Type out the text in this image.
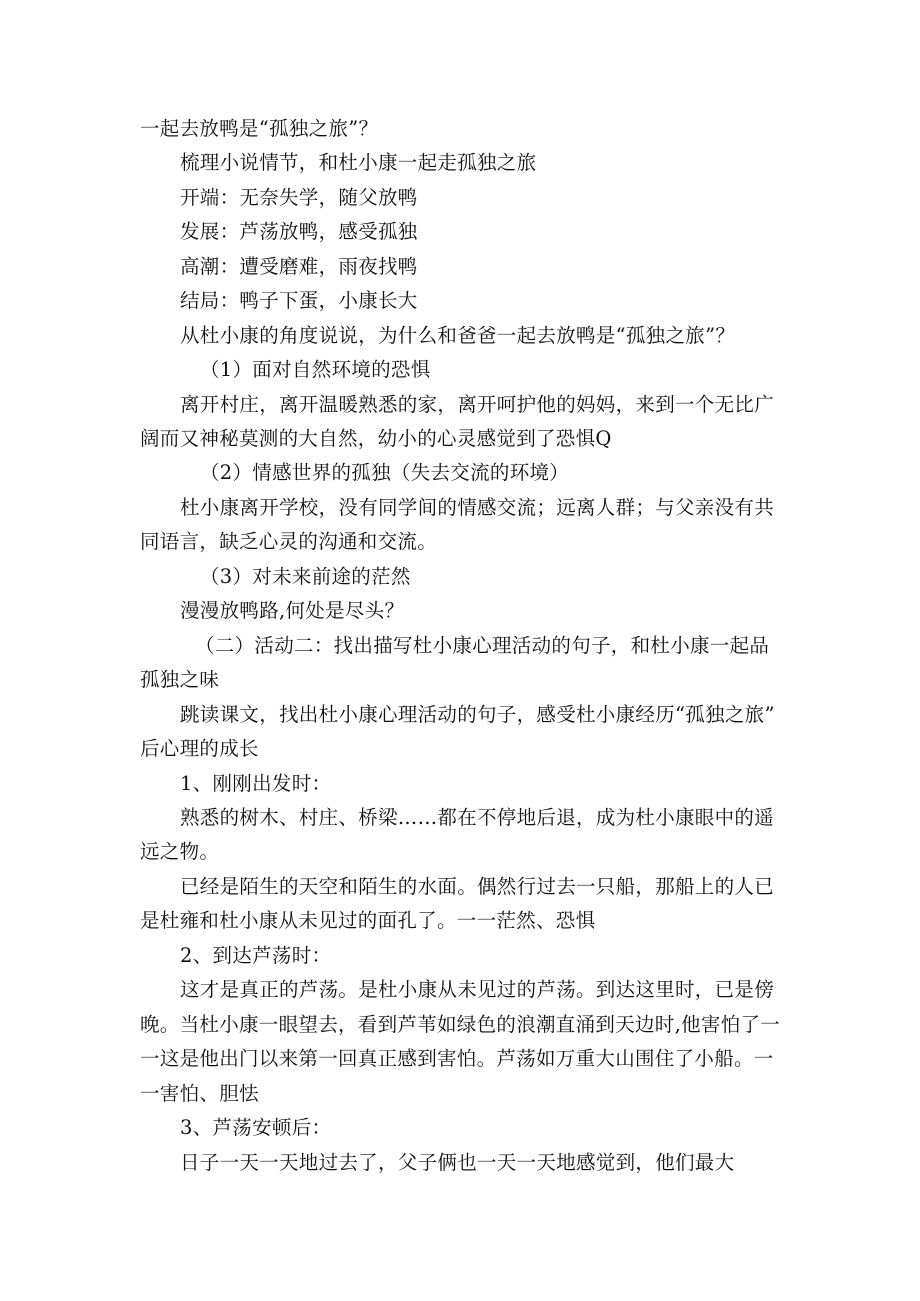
一起去放鸭是“孤独之旅”？
梳理小说情节，和杜小康一起走孤独之旅
开端：无奈失学，随父放鸭
发展：芦荡放鸭，感受孤独
高潮：遭受磨难，雨夜找鸭
结局：鸭子下蛋，小康长大
从杜小康的角度说说，为什么和爸爸一起去放鸭是“孤独之旅”？
（1）面对自然环境的恐惧
离开村庄，离开温暖熟悉的家，离开呵护他的妈妈，来到一个无比广
阔而又神秘莫测的大自然，幼小的心灵感觉到了恐惧Q
（2）情感世界的孤独（失去交流的环境）
杜小康离开学校，没有同学间的情感交流；远离人群；与父亲没有共
同语言，缺乏心灵的沟通和交流。
（3）对未来前途的茫然
漫漫放鸭路,何处是尽头？
（二）活动二：找出描写杜小康心理活动的句子，和杜小康一起品
孤独之味
跳读课文，找出杜小康心理活动的句子，感受杜小康经历“孤独之旅”
后心理的成长
1、刚刚出发时：
熟悉的树木、村庄、桥梁……都在不停地后退，成为杜小康眼中的遥
远之物。
已经是陌生的天空和陌生的水面。偶然行过去一只船，那船上的人已
是杜雍和杜小康从未见过的面孔了。一一茫然、恐惧
2、到达芦荡时：
这才是真正的芦荡。是杜小康从未见过的芦荡。到达这里时，已是傍
晚。当杜小康一眼望去，看到芦苇如绿色的浪潮直涌到天边时,他害怕了一
一这是他出门以来第一回真正感到害怕。芦荡如万重大山围住了小船。一
一害怕、胆怯
3、芦荡安顿后：
日子一天一天地过去了，父子俩也一天一天地感觉到，他们最大
